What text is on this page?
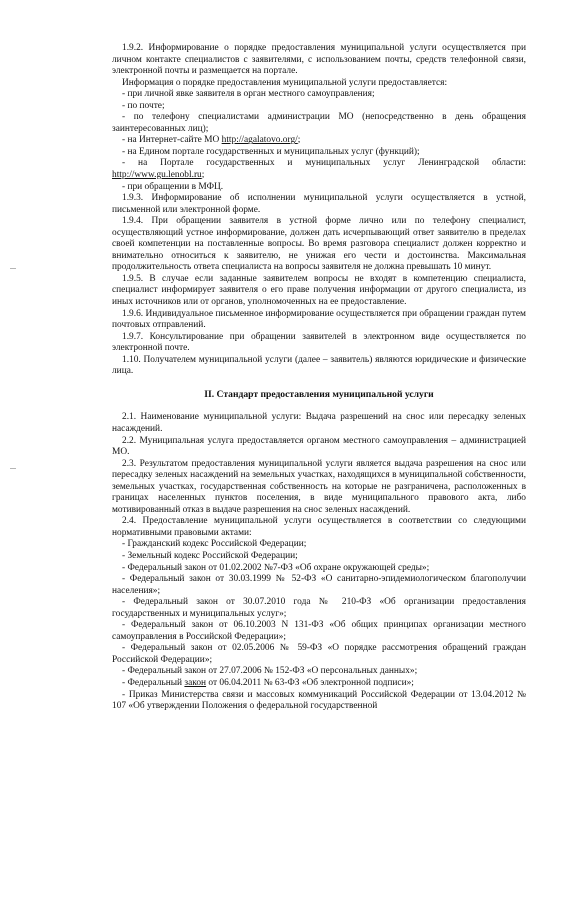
1.9.2. Информирование о порядке предоставления муниципальной услуги осуществляется при личном контакте специалистов с заявителями, с использованием почты, средств телефонной связи, электронной почты и размещается на портале.

Информация о порядке предоставления муниципальной услуги предоставляется:

- при личной явке заявителя в орган местного самоуправления;

- по почте;

- по телефону специалистами администрации МО (непосредственно в день обращения заинтересованных лиц);

- на Интернет-сайте МО http://agalatovo.org/;

- на Едином портале государственных и муниципальных услуг (функций);

- на Портале государственных и муниципальных услуг Ленинградской области: http://www.gu.lenobl.ru;

- при обращении в МФЦ.

1.9.3. Информирование об исполнении муниципальной услуги осуществляется в устной, письменной или электронной форме.

1.9.4. При обращении заявителя в устной форме лично или по телефону специалист, осуществляющий устное информирование, должен дать исчерпывающий ответ заявителю в пределах своей компетенции на поставленные вопросы. Во время разговора специалист должен корректно и внимательно относиться к заявителю, не унижая его чести и достоинства. Максимальная продолжительность ответа специалиста на вопросы заявителя не должна превышать 10 минут.

1.9.5. В случае если заданные заявителем вопросы не входят в компетенцию специалиста, специалист информирует заявителя о его праве получения информации от другого специалиста, из иных источников или от органов, уполномоченных на ее предоставление.

1.9.6. Индивидуальное письменное информирование осуществляется при обращении граждан путем почтовых отправлений.

1.9.7. Консультирование при обращении заявителей в электронном виде осуществляется по электронной почте.

1.10. Получателем муниципальной услуги (далее – заявитель) являются юридические и физические лица.

II. Стандарт предоставления муниципальной услуги

2.1. Наименование муниципальной услуги: Выдача разрешений на снос или пересадку зеленых насаждений.

2.2. Муниципальная услуга предоставляется органом местного самоуправления – администрацией МО.

2.3. Результатом предоставления муниципальной услуги является выдача разрешения на снос или пересадку зеленых насаждений на земельных участках, находящихся в муниципальной собственности, земельных участках, государственная собственность на которые не разграничена, расположенных в границах населенных пунктов поселения, в виде муниципального правового акта, либо мотивированный отказ в выдаче разрешения на снос зеленых насаждений.

2.4. Предоставление муниципальной услуги осуществляется в соответствии со следующими нормативными правовыми актами:

- Гражданский кодекс Российской Федерации;

- Земельный кодекс Российской Федерации;

- Федеральный закон от 01.02.2002 №7-ФЗ «Об охране окружающей среды»;

- Федеральный закон от 30.03.1999 № 52-ФЗ «О санитарно-эпидемиологическом благополучии населения»;

- Федеральный закон от 30.07.2010 года № 210-ФЗ «Об организации предоставления государственных и муниципальных услуг»;

- Федеральный закон от 06.10.2003 N 131-ФЗ «Об общих принципах организации местного самоуправления в Российской Федерации»;

- Федеральный закон от 02.05.2006 № 59-ФЗ «О порядке рассмотрения обращений граждан Российской Федерации»;

- Федеральный закон от 27.07.2006 № 152-ФЗ «О персональных данных»;

- Федеральный закон от 06.04.2011 № 63-ФЗ «Об электронной подписи»;

- Приказ Министерства связи и массовых коммуникаций Российской Федерации от 13.04.2012 № 107 «Об утверждении Положения о федеральной государственной
